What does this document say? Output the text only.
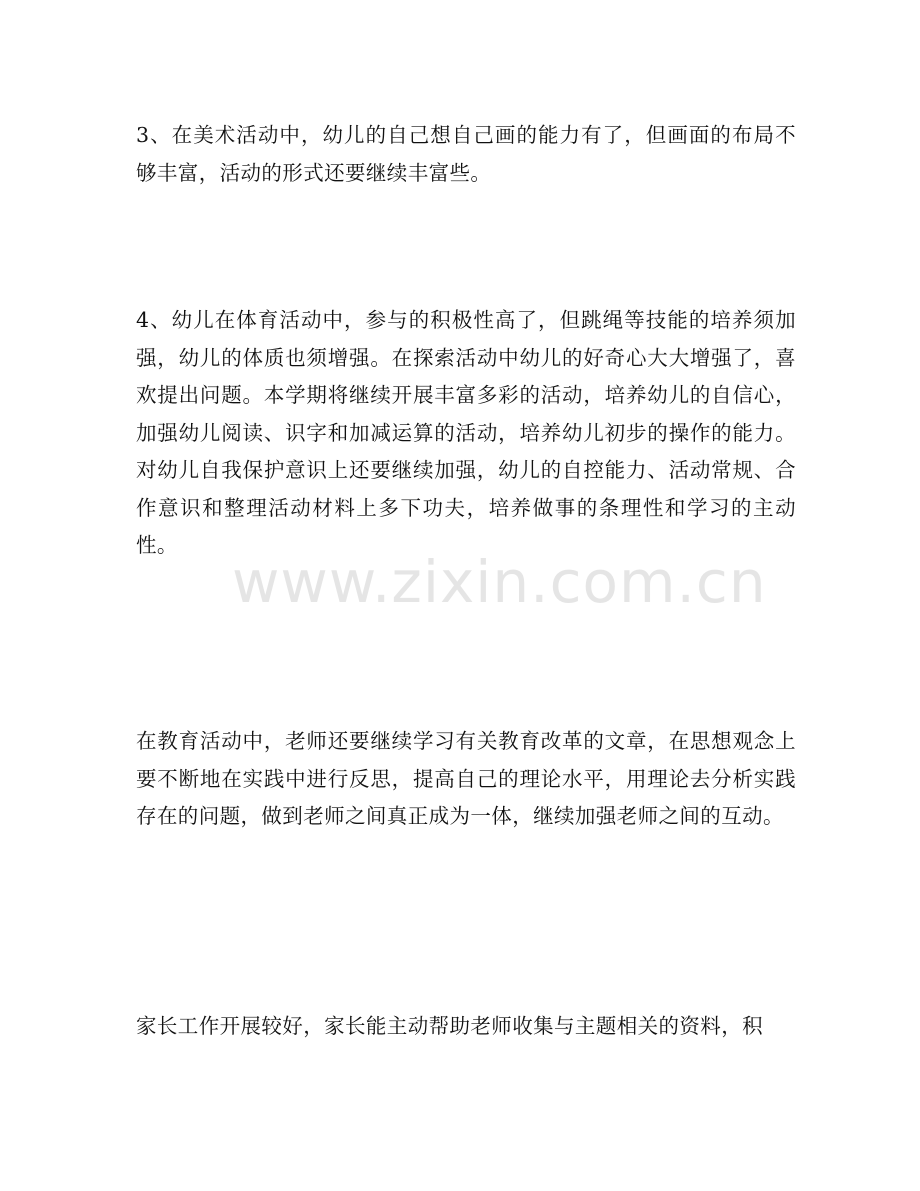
3、在美术活动中，幼儿的自己想自己画的能力有了，但画面的布局不够丰富，活动的形式还要继续丰富些。

4、幼儿在体育活动中，参与的积极性高了，但跳绳等技能的培养须加强，幼儿的体质也须增强。在探索活动中幼儿的好奇心大大增强了，喜欢提出问题。本学期将继续开展丰富多彩的活动，培养幼儿的自信心，加强幼儿阅读、识字和加减运算的活动，培养幼儿初步的操作的能力。对幼儿自我保护意识上还要继续加强，幼儿的自控能力、活动常规、合作意识和整理活动材料上多下功夫，培养做事的条理性和学习的主动性。

在教育活动中，老师还要继续学习有关教育改革的文章，在思想观念上要不断地在实践中进行反思，提高自己的理论水平，用理论去分析实践存在的问题，做到老师之间真正成为一体，继续加强老师之间的互动。

家长工作开展较好，家长能主动帮助老师收集与主题相关的资料，积

www.zixin.com.cn
